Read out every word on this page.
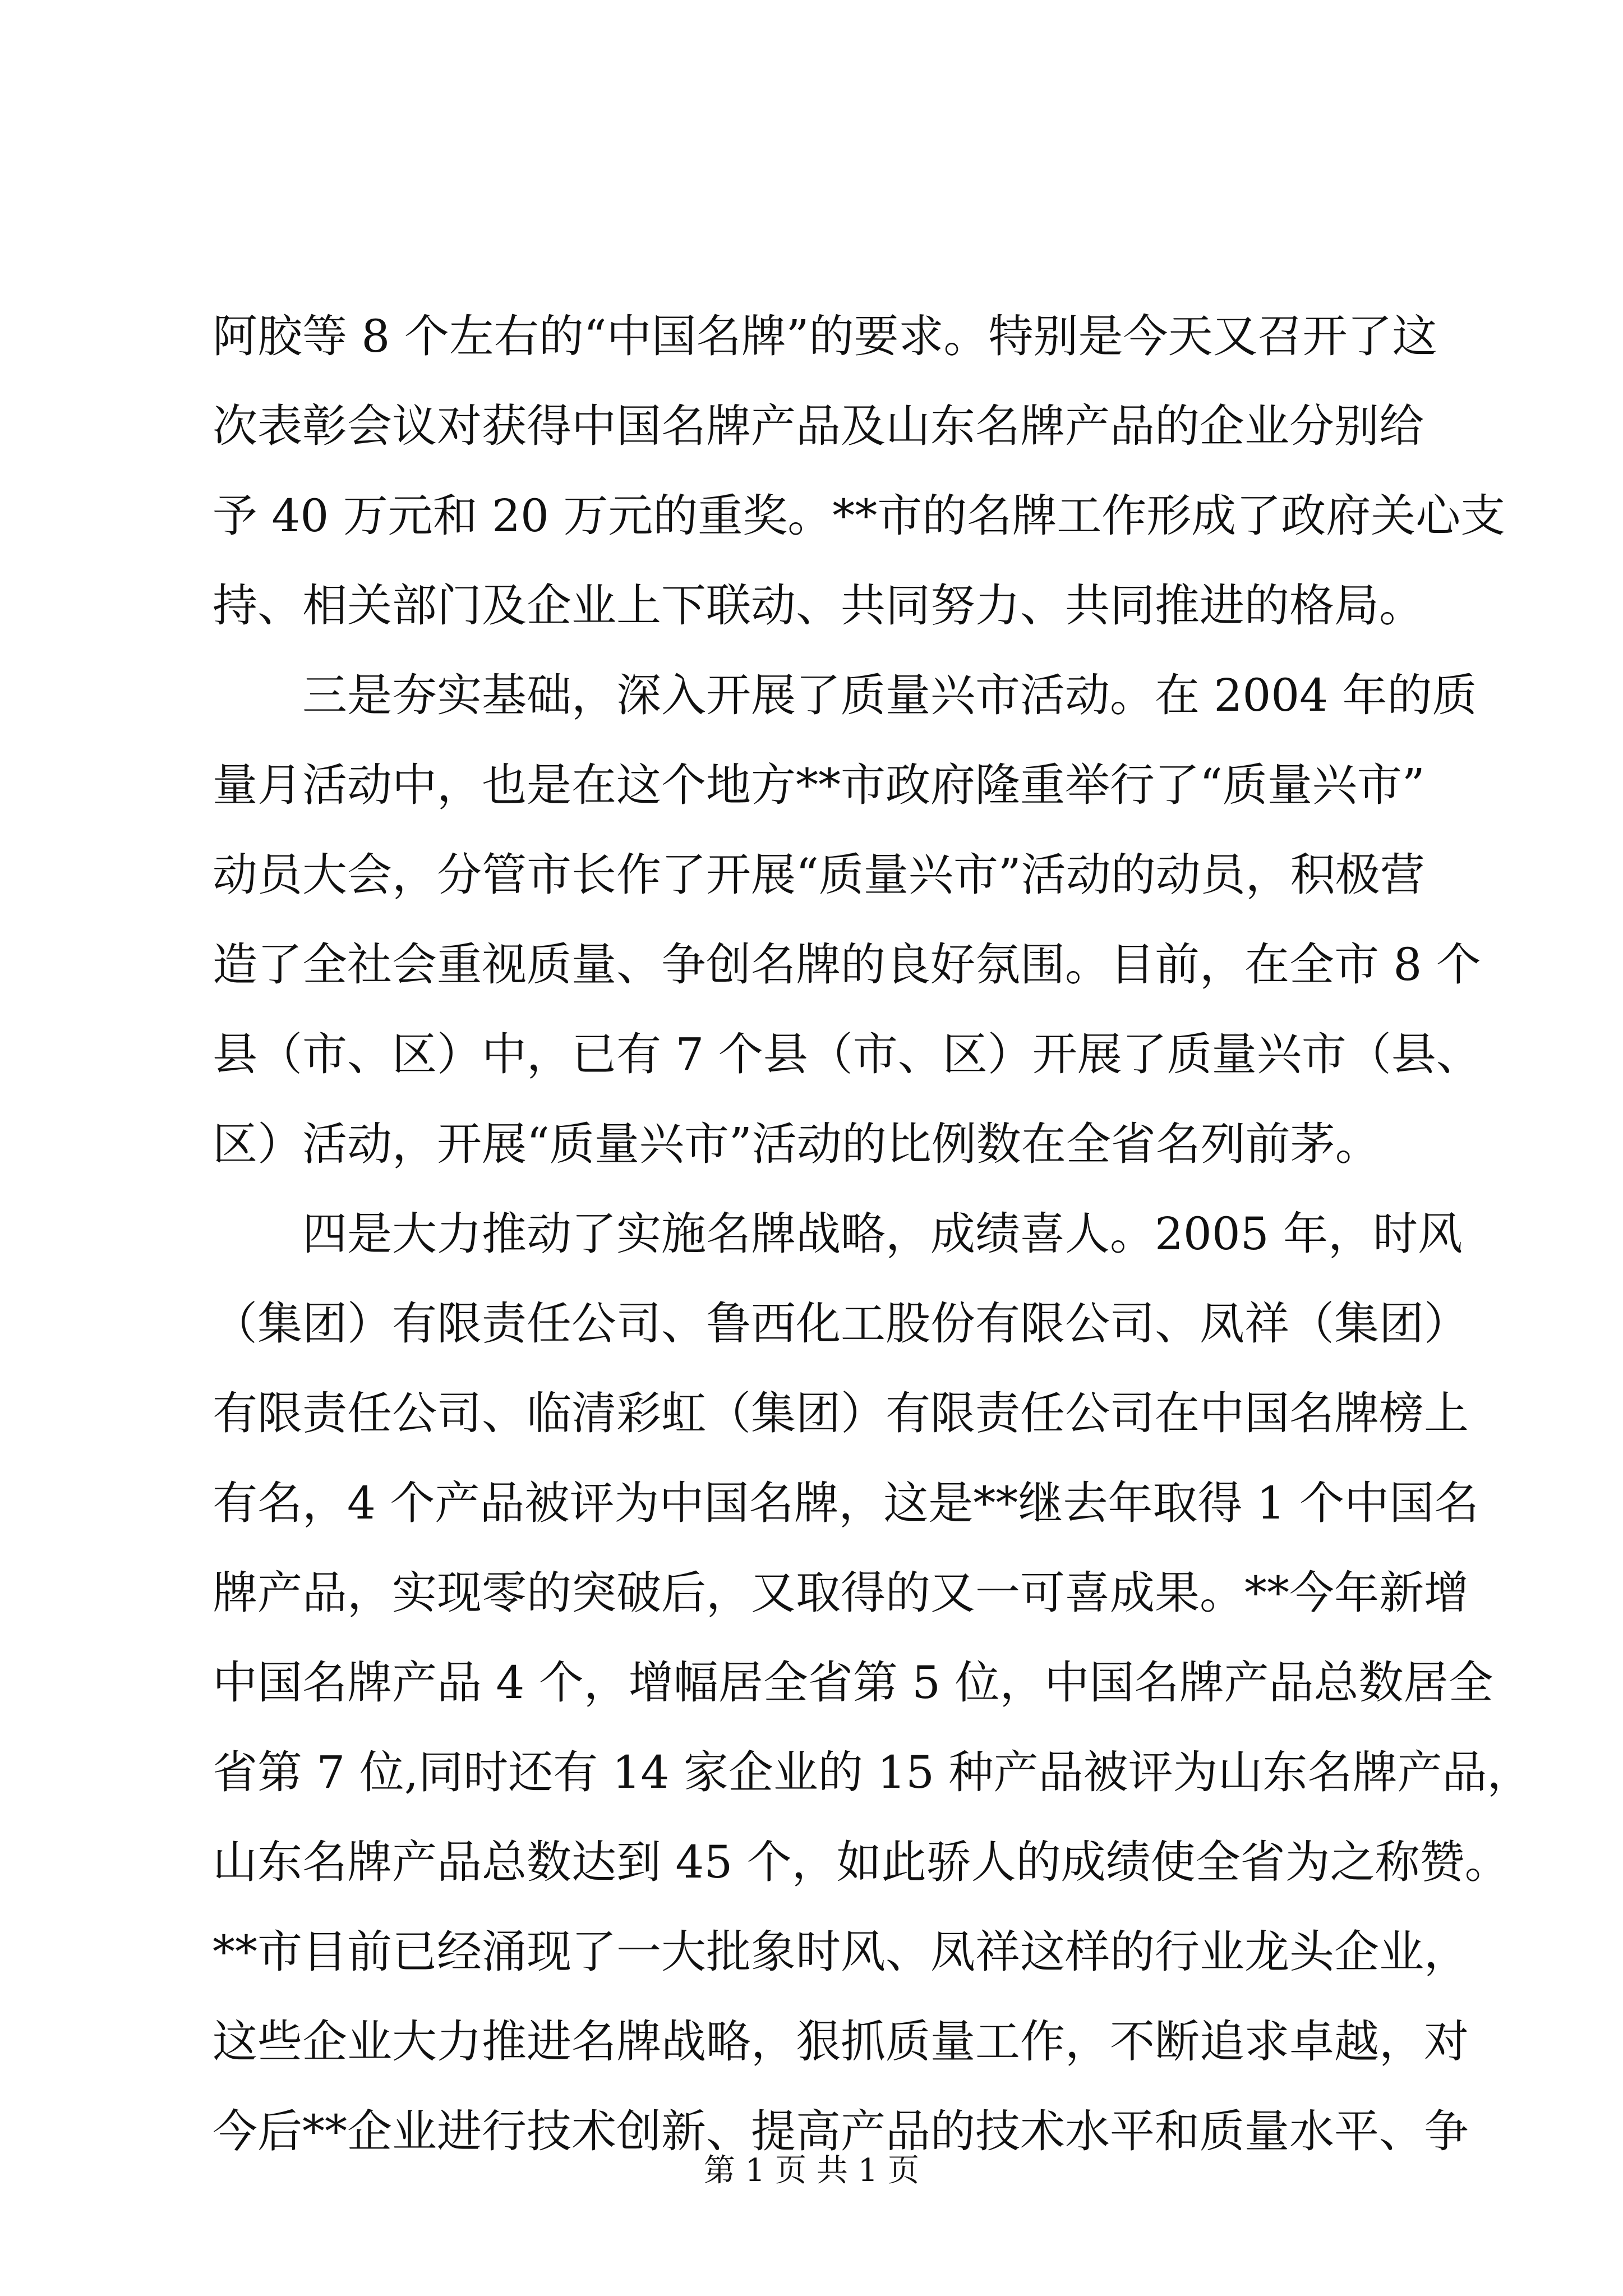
阿胶等 8 个左右的“中国名牌”的要求。特别是今天又召开了这
次表彰会议对获得中国名牌产品及山东名牌产品的企业分别给
予 40 万元和 20 万元的重奖。**市的名牌工作形成了政府关心支
持、相关部门及企业上下联动、共同努力、共同推进的格局。
三是夯实基础，深入开展了质量兴市活动。在 2004 年的质
量月活动中，也是在这个地方**市政府隆重举行了“质量兴市”
动员大会，分管市长作了开展“质量兴市”活动的动员，积极营
造了全社会重视质量、争创名牌的良好氛围。目前，在全市 8 个
县（市、区）中，已有 7 个县（市、区）开展了质量兴市（县、
区）活动，开展“质量兴市”活动的比例数在全省名列前茅。
四是大力推动了实施名牌战略，成绩喜人。2005 年，时风
（集团）有限责任公司、鲁西化工股份有限公司、凤祥（集团）
有限责任公司、临清彩虹（集团）有限责任公司在中国名牌榜上
有名，4 个产品被评为中国名牌，这是**继去年取得 1 个中国名
牌产品，实现零的突破后，又取得的又一可喜成果。**今年新增
中国名牌产品 4 个，增幅居全省第 5 位，中国名牌产品总数居全
省第 7 位,同时还有 14 家企业的 15 种产品被评为山东名牌产品，
山东名牌产品总数达到 45 个，如此骄人的成绩使全省为之称赞。
**市目前已经涌现了一大批象时风、凤祥这样的行业龙头企业，
这些企业大力推进名牌战略，狠抓质量工作，不断追求卓越，对
今后**企业进行技术创新、提高产品的技术水平和质量水平、争
第 1 页 共 1 页
